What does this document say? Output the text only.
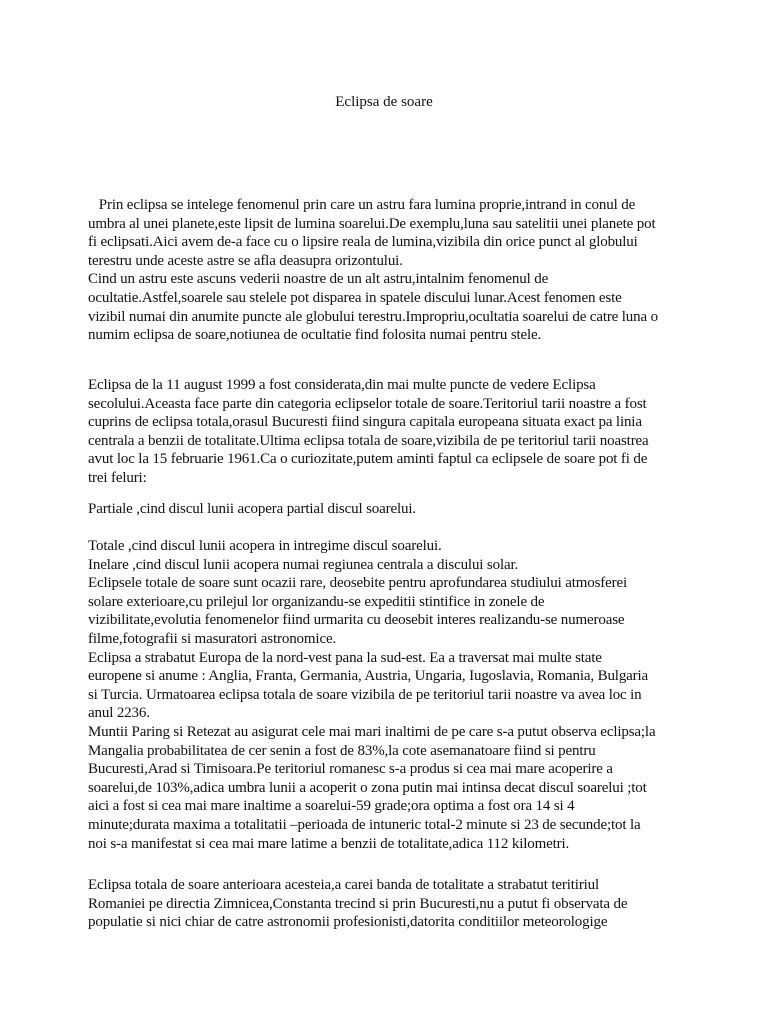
Eclipsa de soare
Prin eclipsa se intelege fenomenul prin care un astru fara lumina proprie,intrand in conul de
umbra al unei planete,este lipsit de lumina soarelui.De exemplu,luna sau satelitii unei planete pot
fi eclipsati.Aici avem de-a face cu o lipsire reala de lumina,vizibila din orice punct al globului
terestru unde aceste astre se afla deasupra orizontului.
Cind un astru este ascuns vederii noastre de un alt astru,intalnim fenomenul de
ocultatie.Astfel,soarele sau stelele pot disparea in spatele discului lunar.Acest fenomen este
vizibil numai din anumite puncte ale globului terestru.Impropriu,ocultatia soarelui de catre luna o
numim eclipsa de soare,notiunea de ocultatie find folosita numai pentru stele.
Eclipsa de la 11 august 1999 a fost considerata,din mai multe puncte de vedere Eclipsa
secolului.Aceasta face parte din categoria eclipselor totale de soare.Teritoriul tarii noastre a fost
cuprins de eclipsa totala,orasul Bucuresti fiind singura capitala europeana situata exact pa linia
centrala a benzii de totalitate.Ultima eclipsa totala de soare,vizibila de pe teritoriul tarii noastrea
avut loc la 15 februarie 1961.Ca o curiozitate,putem aminti faptul ca eclipsele de soare pot fi de
trei feluri:
Partiale ,cind discul lunii acopera partial discul soarelui.
Totale ,cind discul lunii acopera in intregime discul soarelui.
Inelare ,cind discul lunii acopera numai regiunea centrala a discului solar.
Eclipsele totale de soare sunt ocazii rare, deosebite pentru aprofundarea studiului atmosferei
solare exterioare,cu prilejul lor organizandu-se expeditii stintifice in zonele de
vizibilitate,evolutia fenomenelor fiind urmarita cu deosebit interes realizandu-se numeroase
filme,fotografii si masuratori astronomice.
Eclipsa a strabatut Europa de la nord-vest pana la sud-est. Ea a traversat mai multe state
europene si anume : Anglia, Franta, Germania, Austria, Ungaria, Iugoslavia, Romania, Bulgaria
si Turcia. Urmatoarea eclipsa totala de soare vizibila de pe teritoriul tarii noastre va avea loc in
anul 2236.
Muntii Paring si Retezat au asigurat cele mai mari inaltimi de pe care s-a putut observa eclipsa;la
Mangalia probabilitatea de cer senin a fost de 83%,la cote asemanatoare fiind si pentru
Bucuresti,Arad si Timisoara.Pe teritoriul romanesc s-a produs si cea mai mare acoperire a
soarelui,de 103%,adica umbra lunii a acoperit o zona putin mai intinsa decat discul soarelui ;tot
aici a fost si cea mai mare inaltime a soarelui-59 grade;ora optima a fost ora 14 si 4
minute;durata maxima a totalitatii –perioada de intuneric total-2 minute si 23 de secunde;tot la
noi s-a manifestat si cea mai mare latime a benzii de totalitate,adica 112 kilometri.
Eclipsa totala de soare anterioara acesteia,a carei banda de totalitate a strabatut teritiriul
Romaniei pe directia Zimnicea,Constanta trecind si prin Bucuresti,nu a putut fi observata de
populatie si nici chiar de catre astronomii profesionisti,datorita conditiilor meteorologige
